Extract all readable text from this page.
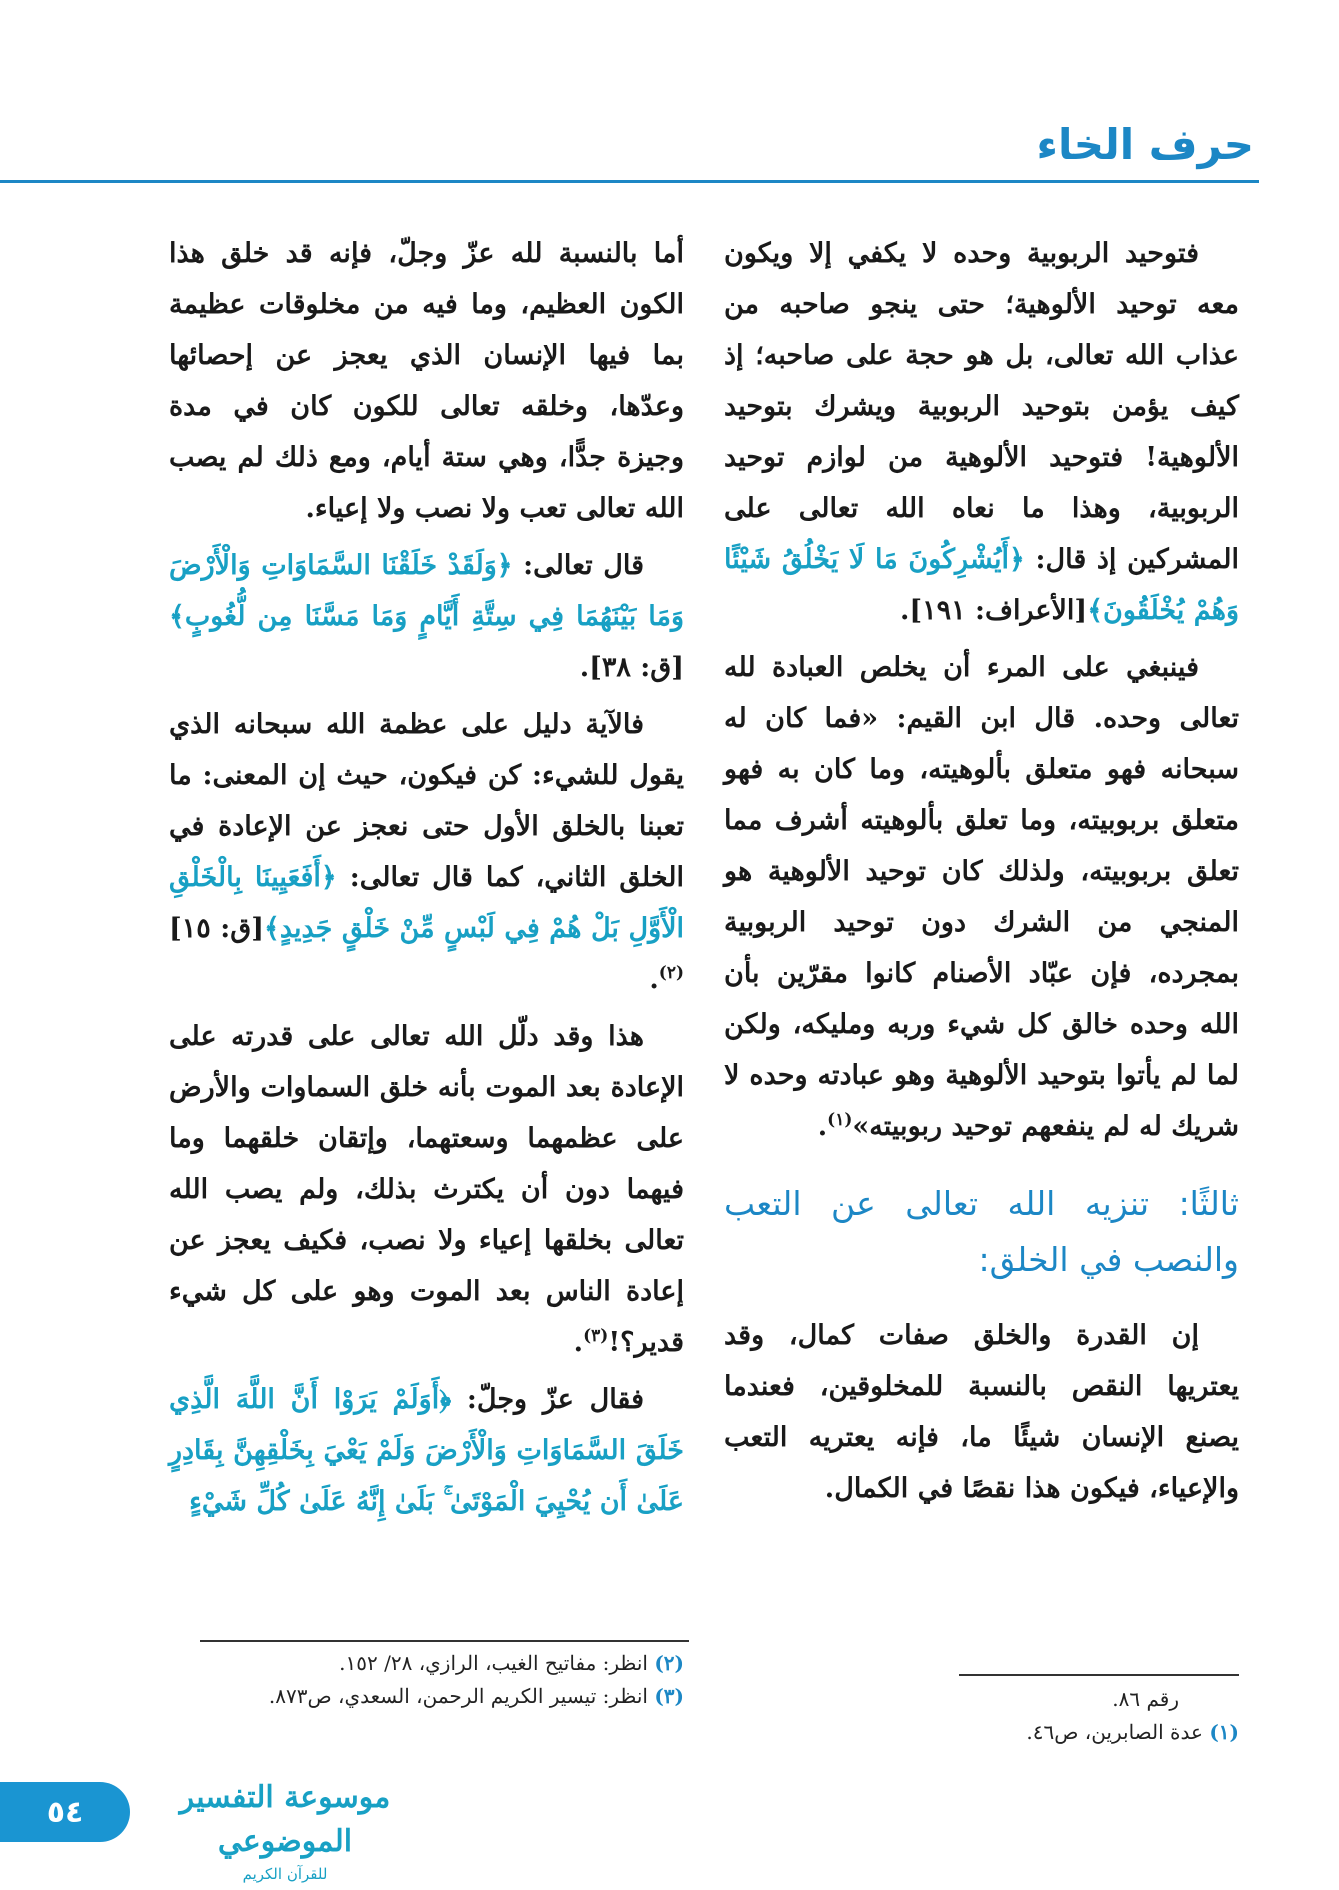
حرف الخاء

فتوحيد الربوبية وحده لا يكفي إلا ويكون معه توحيد الألوهية؛ حتى ينجو صاحبه من عذاب الله تعالى، بل هو حجة على صاحبه؛ إذ كيف يؤمن بتوحيد الربوبية ويشرك بتوحيد الألوهية! فتوحيد الألوهية من لوازم توحيد الربوبية، وهذا ما نعاه الله تعالى على المشركين إذ قال: ﴿أَيُشْرِكُونَ مَا لَا يَخْلُقُ شَيْئًا وَهُمْ يُخْلَقُونَ﴾[الأعراف: ١٩١].

فينبغي على المرء أن يخلص العبادة لله تعالى وحده. قال ابن القيم: «فما كان له سبحانه فهو متعلق بألوهيته، وما كان به فهو متعلق بربوبيته، وما تعلق بألوهيته أشرف مما تعلق بربوبيته، ولذلك كان توحيد الألوهية هو المنجي من الشرك دون توحيد الربوبية بمجرده، فإن عبّاد الأصنام كانوا مقرّين بأن الله وحده خالق كل شيء وربه ومليكه، ولكن لما لم يأتوا بتوحيد الألوهية وهو عبادته وحده لا شريك له لم ينفعهم توحيد ربوبيته»$^{(١)}$.

ثالثًا: تنزيه الله تعالى عن التعب والنصب في الخلق:

إن القدرة والخلق صفات كمال، وقد يعتريها النقص بالنسبة للمخلوقين، فعندما يصنع الإنسان شيئًا ما، فإنه يعتريه التعب والإعياء، فيكون هذا نقصًا في الكمال.

رقم ٨٦.

(١) عدة الصابرين، ص٤٦.

أما بالنسبة لله عزّ وجلّ، فإنه قد خلق هذا الكون العظيم، وما فيه من مخلوقات عظيمة بما فيها الإنسان الذي يعجز عن إحصائها وعدّها، وخلقه تعالى للكون كان في مدة وجيزة جدًّا، وهي ستة أيام، ومع ذلك لم يصب الله تعالى تعب ولا نصب ولا إعياء.

قال تعالى: ﴿وَلَقَدْ خَلَقْنَا السَّمَاوَاتِ وَالْأَرْضَ وَمَا بَيْنَهُمَا فِي سِتَّةِ أَيَّامٍ وَمَا مَسَّنَا مِن لُّغُوبٍ﴾[ق: ٣٨].

فالآية دليل على عظمة الله سبحانه الذي يقول للشيء: كن فيكون، حيث إن المعنى: ما تعبنا بالخلق الأول حتى نعجز عن الإعادة في الخلق الثاني، كما قال تعالى: ﴿أَفَعَيِينَا بِالْخَلْقِ الْأَوَّلِ بَلْ هُمْ فِي لَبْسٍ مِّنْ خَلْقٍ جَدِيدٍ﴾[ق: ١٥]$^{(٢)}$.

هذا وقد دلّل الله تعالى على قدرته على الإعادة بعد الموت بأنه خلق السماوات والأرض على عظمهما وسعتهما، وإتقان خلقهما وما فيهما دون أن يكترث بذلك، ولم يصب الله تعالى بخلقها إعياء ولا نصب، فكيف يعجز عن إعادة الناس بعد الموت وهو على كل شيء قدير؟!$^{(٣)}$.

فقال عزّ وجلّ: ﴿أَوَلَمْ يَرَوْا أَنَّ اللَّهَ الَّذِي خَلَقَ السَّمَاوَاتِ وَالْأَرْضَ وَلَمْ يَعْيَ بِخَلْقِهِنَّ بِقَادِرٍ عَلَىٰ أَن يُحْيِيَ الْمَوْتَىٰ ۚ بَلَىٰ إِنَّهُ عَلَىٰ كُلِّ شَيْءٍ

(٢) انظر: مفاتيح الغيب، الرازي، ٢٨/ ١٥٢.

(٣) انظر: تيسير الكريم الرحمن، السعدي، ص٨٧٣.

٥٤	موسوعة التفسير الموضوعي
للقرآن الكريم
